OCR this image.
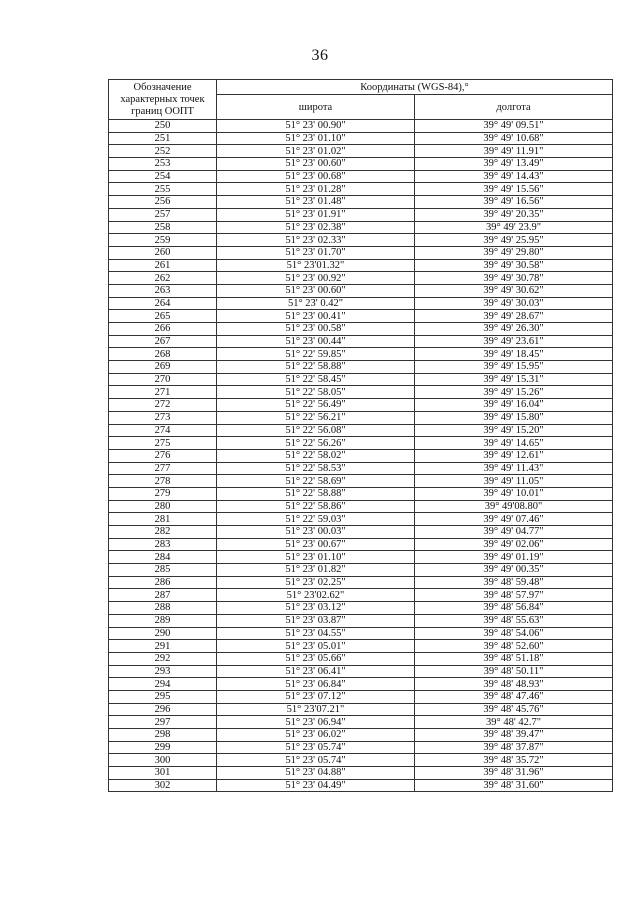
36
Обозначение характерных точек границ ООПТ	Координаты (WGS-84),°	
	широта	долгота
250	51° 23' 00.90"	39° 49' 09.51"
251	51° 23' 01.10"	39° 49' 10.68"
252	51° 23' 01.02"	39° 49' 11.91"
253	51° 23' 00.60"	39° 49' 13.49"
254	51° 23' 00.68"	39° 49' 14.43"
255	51° 23' 01.28"	39° 49' 15.56"
256	51° 23' 01.48"	39° 49' 16.56"
257	51° 23' 01.91"	39° 49' 20.35"
258	51° 23' 02.38"	39° 49' 23.9"
259	51° 23' 02.33"	39° 49' 25.95"
260	51° 23' 01.70"	39° 49' 29.80"
261	51° 23'01.32"	39° 49' 30.58"
262	51° 23' 00.92"	39° 49' 30.78"
263	51° 23' 00.60"	39° 49' 30.62"
264	51° 23' 0.42"	39° 49' 30.03"
265	51° 23' 00.41"	39° 49' 28.67"
266	51° 23' 00.58"	39° 49' 26.30"
267	51° 23' 00.44"	39° 49' 23.61"
268	51° 22' 59.85"	39° 49' 18.45"
269	51° 22' 58.88"	39° 49' 15.95"
270	51° 22' 58.45"	39° 49' 15.31"
271	51° 22' 58.05"	39° 49' 15.26"
272	51° 22' 56.49"	39° 49' 16.04"
273	51° 22' 56.21"	39° 49' 15.80"
274	51° 22' 56.08"	39° 49' 15.20"
275	51° 22' 56.26"	39° 49' 14.65"
276	51° 22' 58.02"	39° 49' 12.61"
277	51° 22' 58.53"	39° 49' 11.43"
278	51° 22' 58.69"	39° 49' 11.05"
279	51° 22' 58.88"	39° 49' 10.01"
280	51° 22' 58.86"	39° 49'08.80"
281	51° 22' 59.03"	39° 49' 07.46"
282	51° 23' 00.03"	39° 49' 04.77"
283	51° 23' 00.67"	39° 49' 02.06"
284	51° 23' 01.10"	39° 49' 01.19"
285	51° 23' 01.82"	39° 49' 00.35"
286	51° 23' 02.25"	39° 48' 59.48"
287	51° 23'02.62"	39° 48' 57.97"
288	51° 23' 03.12"	39° 48' 56.84"
289	51° 23' 03.87"	39° 48' 55.63"
290	51° 23' 04.55"	39° 48' 54.06"
291	51° 23' 05.01"	39° 48' 52.60"
292	51° 23' 05.66"	39° 48' 51.18"
293	51° 23' 06.41"	39° 48' 50.11"
294	51° 23' 06.84"	39° 48' 48.93"
295	51° 23' 07.12"	39° 48' 47.46"
296	51° 23'07.21"	39° 48' 45.76"
297	51° 23' 06.94"	39° 48' 42.7"
298	51° 23' 06.02"	39° 48' 39.47"
299	51° 23' 05.74"	39° 48' 37.87"
300	51° 23' 05.74"	39° 48' 35.72"
301	51° 23' 04.88"	39° 48' 31.96"
302	51° 23' 04.49"	39° 48' 31.60"
